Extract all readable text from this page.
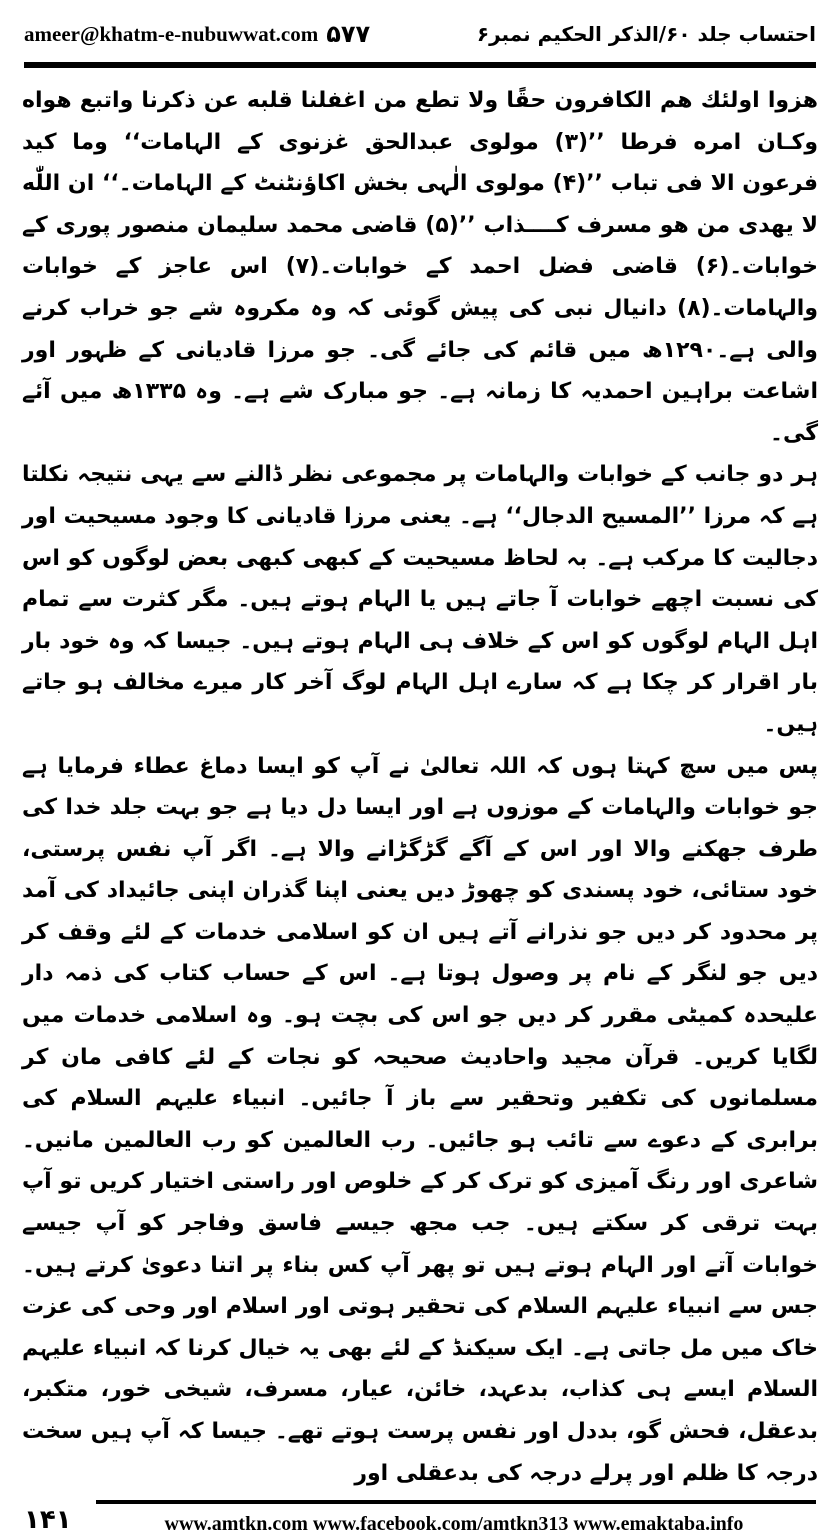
ameer@khatm-e-nubuwwat.com ۵۷۷	احتساب جلد ۶۰/الذکر الحکیم نمبر۶

ھزوا اولئك ھم الكافرون حقًا ولا تطع من اغفلنا قلبه عن ذكرنا واتبع ھواه وكـان امره فرطا ’’(۳) مولوی عبدالحق غزنوی کے الہامات‘‘ وما كيد فرعون الا فی تباب ’’(۴) مولوی الٰہی بخش اکاؤنٹنٹ کے الہامات۔‘‘ ان اللّٰه لا يھدی من ھو مسرف كــــذاب ’’(۵) قاضی محمد سلیمان منصور پوری کے خوابات۔(۶) قاضی فضل احمد کے خوابات۔(۷) اس عاجز کے خوابات والہامات۔(۸) دانیال نبی کی پیش گوئی کہ وہ مکروہ شے جو خراب کرنے والی ہے۔۱۲۹۰ھ میں قائم کی جائے گی۔ جو مرزا قادیانی کے ظہور اور اشاعت براہین احمدیہ کا زمانہ ہے۔ جو مبارک شے ہے۔ وہ ۱۳۳۵ھ میں آئے گی۔

ہر دو جانب کے خوابات والہامات پر مجموعی نظر ڈالنے سے یہی نتیجہ نکلتا ہے کہ مرزا ’’المسیح الدجال‘‘ ہے۔ یعنی مرزا قادیانی کا وجود مسیحیت اور دجالیت کا مرکب ہے۔ بہ لحاظ مسیحیت کے کبھی کبھی بعض لوگوں کو اس کی نسبت اچھے خوابات آ جاتے ہیں یا الہام ہوتے ہیں۔ مگر کثرت سے تمام اہل الہام لوگوں کو اس کے خلاف ہی الہام ہوتے ہیں۔ جیسا کہ وہ خود بار بار اقرار کر چکا ہے کہ سارے اہل الہام لوگ آخر کار میرے مخالف ہو جاتے ہیں۔

پس میں سچ کہتا ہوں کہ اللہ تعالیٰ نے آپ کو ایسا دماغ عطاء فرمایا ہے جو خوابات والہامات کے موزوں ہے اور ایسا دل دیا ہے جو بہت جلد خدا کی طرف جھکنے والا اور اس کے آگے گڑگڑانے والا ہے۔ اگر آپ نفس پرستی، خود ستائی، خود پسندی کو چھوڑ دیں یعنی اپنا گذران اپنی جائیداد کی آمد پر محدود کر دیں جو نذرانے آتے ہیں ان کو اسلامی خدمات کے لئے وقف کر دیں جو لنگر کے نام پر وصول ہوتا ہے۔ اس کے حساب کتاب کی ذمہ دار علیحدہ کمیٹی مقرر کر دیں جو اس کی بچت ہو۔ وہ اسلامی خدمات میں لگایا کریں۔ قرآن مجید واحادیث صحیحہ کو نجات کے لئے کافی مان کر مسلمانوں کی تکفیر وتحقیر سے باز آ جائیں۔ انبیاء علیہم السلام کی برابری کے دعوے سے تائب ہو جائیں۔ رب العالمین کو رب العالمین مانیں۔ شاعری اور رنگ آمیزی کو ترک کر کے خلوص اور راستی اختیار کریں تو آپ بہت ترقی کر سکتے ہیں۔ جب مجھ جیسے فاسق وفاجر کو آپ جیسے خوابات آتے اور الہام ہوتے ہیں تو پھر آپ کس بناء پر اتنا دعویٰ کرتے ہیں۔ جس سے انبیاء علیہم السلام کی تحقیر ہوتی اور اسلام اور وحی کی عزت خاک میں مل جاتی ہے۔ ایک سیکنڈ کے لئے بھی یہ خیال کرنا کہ انبیاء علیہم السلام ایسے ہی کذاب، بدعہد، خائن، عیار، مسرف، شیخی خور، متکبر، بدعقل، فحش گو، بددل اور نفس پرست ہوتے تھے۔ جیسا کہ آپ ہیں سخت درجہ کا ظلم اور پرلے درجہ کی بدعقلی اور

۱۴۱	www.amtkn.com www.facebook.com/amtkn313 www.emaktaba.info
